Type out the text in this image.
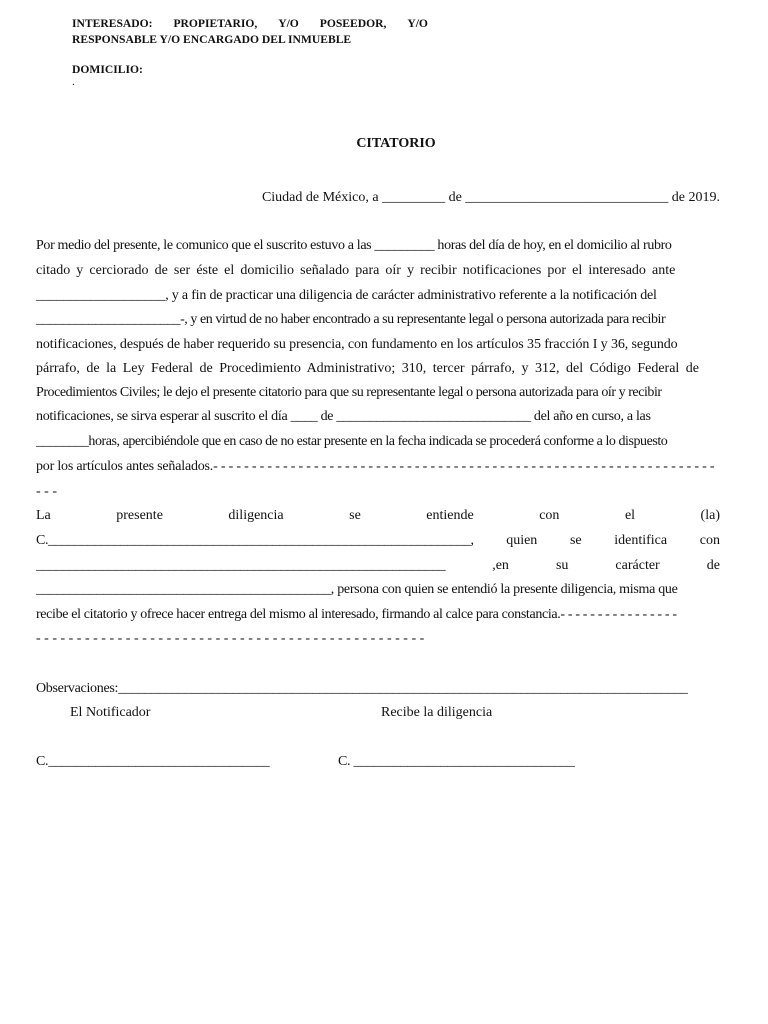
INTERESADO: PROPIETARIO, Y/O POSEEDOR, Y/O
RESPONSABLE Y/O ENCARGADO DEL INMUEBLE
DOMICILIO:
.
CITATORIO
Ciudad de México, a _________ de _____________________________ de 2019.
Por medio del presente, le comunico que el suscrito estuvo a las _________ horas del día de hoy, en el domicilio al rubro
citado y cerciorado de ser éste el domicilio señalado para oír y recibir notificaciones por el interesado ante
___________________, y a fin de practicar una diligencia de carácter administrativo referente a la notificación del
______________________-, y en virtud de no haber encontrado a su representante legal o persona autorizada para recibir
notificaciones, después de haber requerido su presencia, con fundamento en los artículos 35 fracción I y 36, segundo
párrafo, de la Ley Federal de Procedimiento Administrativo; 310, tercer párrafo, y 312, del Código Federal de
Procedimientos Civiles; le dejo el presente citatorio para que su representante legal o persona autorizada para oír y recibir
notificaciones, se sirva esperar al suscrito el día ____ de _____________________________ del año en curso, a las
________horas, apercibiéndole que en caso de no estar presente en la fecha indicada se procederá conforme a lo dispuesto
por los artículos antes señalados.- - - - - - - - - - - - - - - - - - - - - - - - - - - - - - - - - - - - - - - - - - - - - - - - - - - - - - - - - - - - - - - - -
- - -
La	presente	diligencia	se	entiende	con	el	(la)
C.________________________________________________________________, quien se identifica con
______________________________________________________________	,en	su	carácter	de
____________________________________________, persona con quien se entendió la presente diligencia, misma que
recibe el citatorio y ofrece hacer entrega del mismo al interesado, firmando al calce para constancia.- - - - - - - - - - - - - - - -
- - - - - - - - - - - - - - - - - - - - - - - - - - - - - - - - - - - - - - - - - - - - - - - -
Observaciones:_____________________________________________________________________________________
El Notificador	Recibe la diligencia
C._________________________________	C. _________________________________
